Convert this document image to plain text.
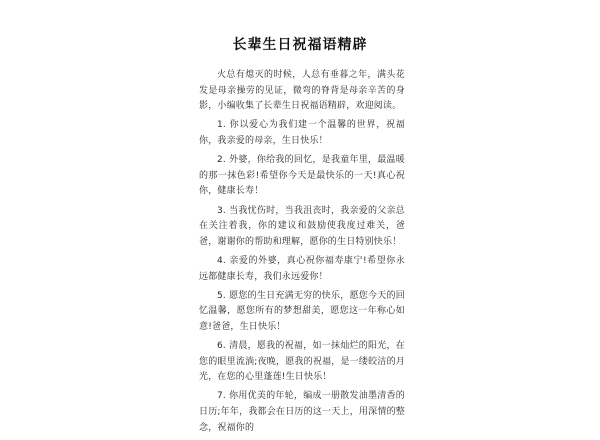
长辈生日祝福语精辟

火总有熄灭的时候，人总有垂暮之年，满头花发是母亲操劳的见证，微弯的脊背是母亲辛苦的身影，小编收集了长辈生日祝福语精辟，欢迎阅读。

1. 你以爱心为我们建一个温馨的世界，祝福你，我亲爱的母亲，生日快乐！

2. 外婆，你给我的回忆，是我童年里，最温暖的那一抹色彩!希望你今天是最快乐的一天!真心祝你，健康长寿！

3. 当我忧伤时，当我沮丧时，我亲爱的父亲总在关注着我，你的建议和鼓励使我度过难关，爸爸，谢谢你的帮助和理解，愿你的生日特别快乐！

4. 亲爱的外婆，真心祝你福寿康宁!希望你永远都健康长寿，我们永远爱你！

5. 愿您的生日充满无穷的快乐，愿您今天的回忆温馨，愿您所有的梦想甜美，愿您这一年称心如意!爸爸，生日快乐！

6. 清晨，愿我的祝福，如一抹灿烂的阳光，在您的眼里流淌;夜晚，愿我的祝福，是一缕皎洁的月光，在您的心里蓬莲!生日快乐！

7. 你用优美的年轮，编成一册散发油墨清香的日历;年年，我都会在日历的这一天上，用深情的整念，祝福你的
